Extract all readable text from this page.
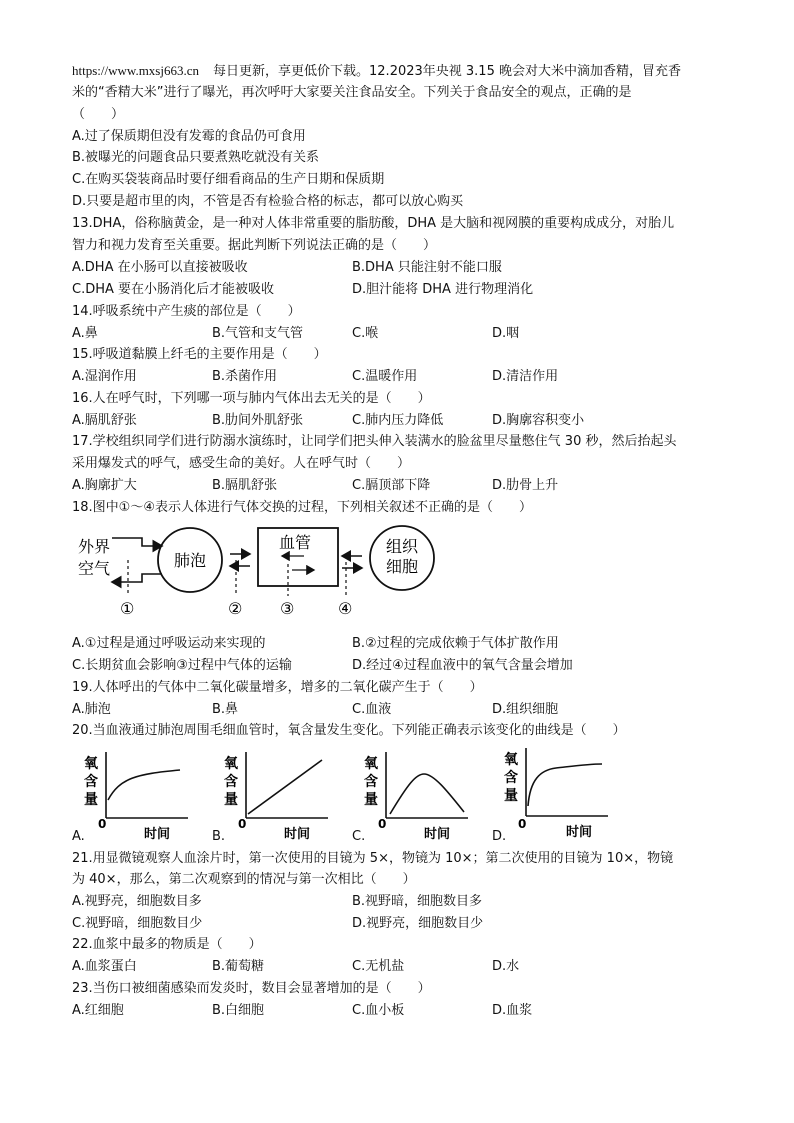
https://www.mxsj663.cn 每日更新，享更低价下载。12.2023年央视 3.15 晚会对大米中滴加香精，冒充香
米的“香精大米”进行了曝光，再次呼吁大家要关注食品安全。下列关于食品安全的观点，正确的是
（　　）
A.过了保质期但没有发霉的食品仍可食用
B.被曝光的问题食品只要煮熟吃就没有关系
C.在购买袋装商品时要仔细看商品的生产日期和保质期
D.只要是超市里的肉，不管是否有检验合格的标志，都可以放心购买
13.DHA，俗称脑黄金，是一种对人体非常重要的脂肪酸，DHA 是大脑和视网膜的重要构成成分，对胎儿
智力和视力发育至关重要。据此判断下列说法正确的是（　　）
A.DHA 在小肠可以直接被吸收	B.DHA 只能注射不能口服
C.DHA 要在小肠消化后才能被吸收	D.胆汁能将 DHA 进行物理消化
14.呼吸系统中产生痰的部位是（　　）
A.鼻	B.气管和支气管	C.喉	D.咽
15.呼吸道黏膜上纤毛的主要作用是（　　）
A.湿润作用	B.杀菌作用	C.温暖作用	D.清洁作用
16.人在呼气时，下列哪一项与肺内气体出去无关的是（　　）
A.膈肌舒张	B.肋间外肌舒张	C.肺内压力降低	D.胸廓容积变小
17.学校组织同学们进行防溺水演练时，让同学们把头伸入装满水的脸盆里尽量憋住气 30 秒，然后抬起头
采用爆发式的呼气，感受生命的美好。人在呼气时（　　）
A.胸廓扩大	B.膈肌舒张	C.膈顶部下降	D.肋骨上升
18.图中①～④表示人体进行气体交换的过程，下列相关叙述不正确的是（　　）
外界
空气	肺泡
血管	组织
细胞
①	② ③	④
A.①过程是通过呼吸运动来实现的	B.②过程的完成依赖于气体扩散作用
C.长期贫血会影响③过程中气体的运输	D.经过④过程血液中的氧气含量会增加
19.人体呼出的气体中二氧化碳量增多，增多的二氧化碳产生于（　　）
A.肺泡	B.鼻	C.血液	D.组织细胞
20.当血液通过肺泡周围毛细血管时，氧含量发生变化。下列能正确表示该变化的曲线是（　　）
氧
含
量
0
时间
A.
氧
含
量
0
时间
B.
氧
含
量
0
时间
C.
氧
含
量
0
时间
D.
21.用显微镜观察人血涂片时，第一次使用的目镜为 5×，物镜为 10×；第二次使用的目镜为 10×，物镜
为 40×，那么，第二次观察到的情况与第一次相比（　　）
A.视野亮，细胞数目多	B.视野暗，细胞数目多
C.视野暗，细胞数目少	D.视野亮，细胞数目少
22.血浆中最多的物质是（　　）
A.血浆蛋白	B.葡萄糖	C.无机盐	D.水
23.当伤口被细菌感染而发炎时，数目会显著增加的是（　　）
A.红细胞	B.白细胞	C.血小板	D.血浆
